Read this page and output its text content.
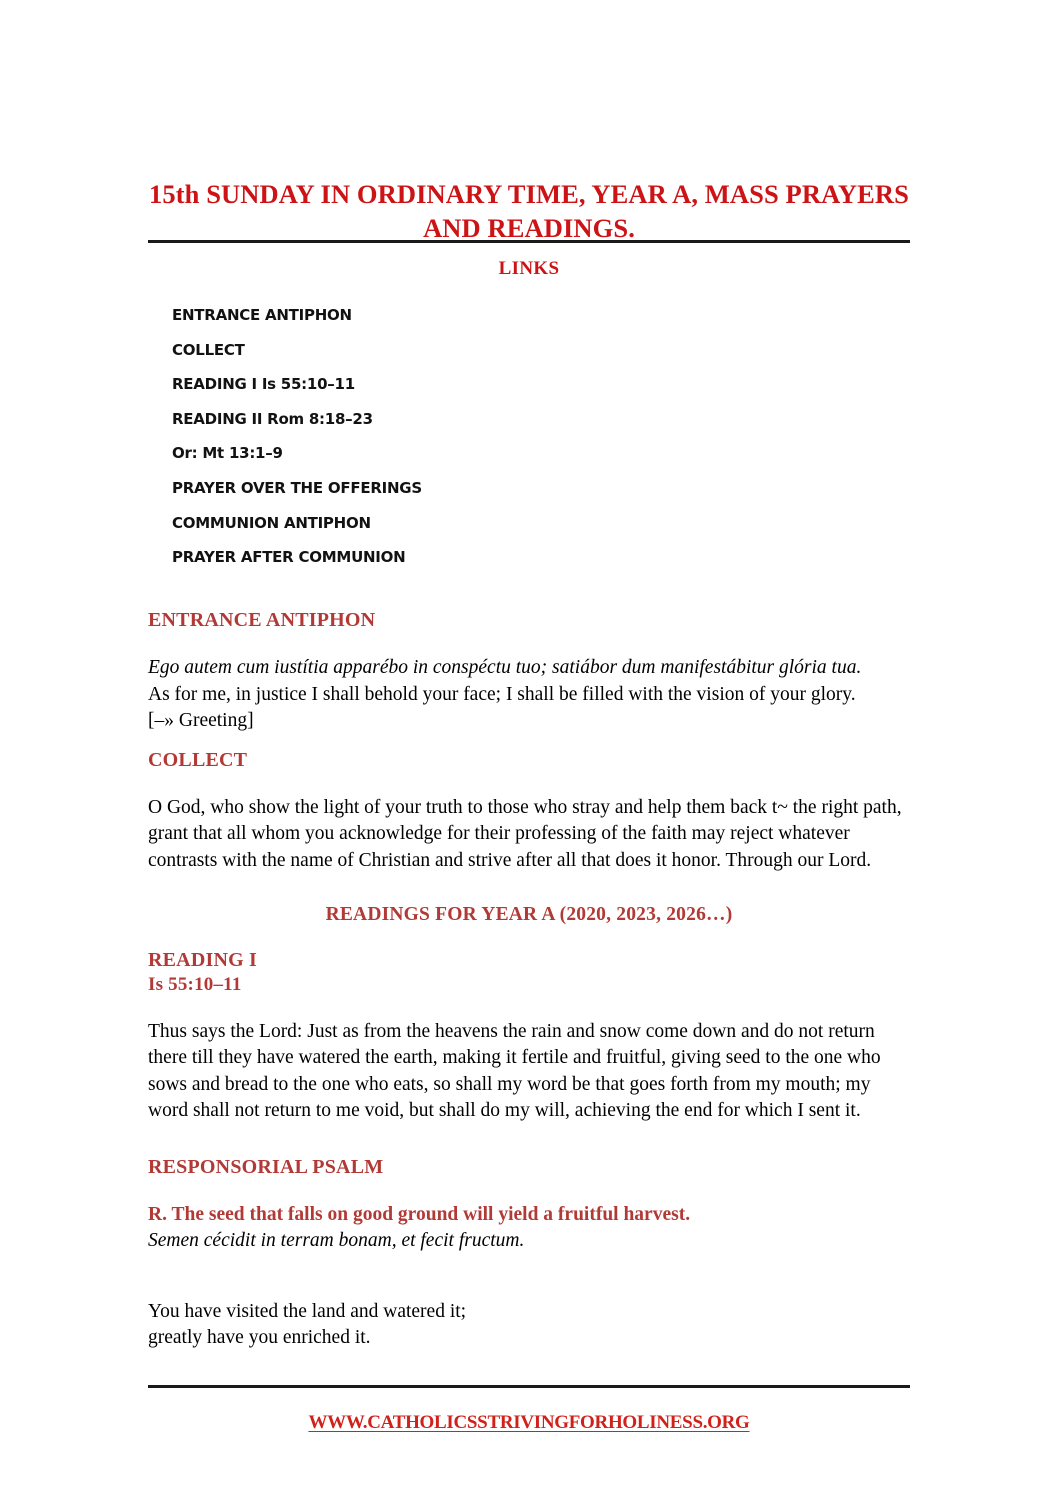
15th SUNDAY IN ORDINARY TIME, YEAR A, MASS PRAYERS AND READINGS.
LINKS
ENTRANCE ANTIPHON
COLLECT
READING I Is 55:10–11
READING II Rom 8:18–23
Or: Mt 13:1–9
PRAYER OVER THE OFFERINGS
COMMUNION ANTIPHON
PRAYER AFTER COMMUNION
ENTRANCE ANTIPHON

Ego autem cum iustítia apparébo in conspéctu tuo; satiábor dum manifestábitur glória tua.

As for me, in justice I shall behold your face; I shall be filled with the vision of your glory.

[–» Greeting]

COLLECT

O God, who show the light of your truth to those who stray and help them back t~ the right path, grant that all whom you acknowledge for their professing of the faith may reject whatever contrasts with the name of Christian and strive after all that does it honor. Through our Lord.

READINGS FOR YEAR A (2020, 2023, 2026…)
READING I
Is 55:10–11

Thus says the Lord: Just as from the heavens the rain and snow come down and do not return there till they have watered the earth, making it fertile and fruitful, giving seed to the one who sows and bread to the one who eats, so shall my word be that goes forth from my mouth; my word shall not return to me void, but shall do my will, achieving the end for which I sent it.

RESPONSORIAL PSALM

R. The seed that falls on good ground will yield a fruitful harvest.

Semen cécidit in terram bonam, et fecit fructum.

You have visited the land and watered it;

greatly have you enriched it.

WWW.CATHOLICSSTRIVINGFORHOLINESS.ORG
